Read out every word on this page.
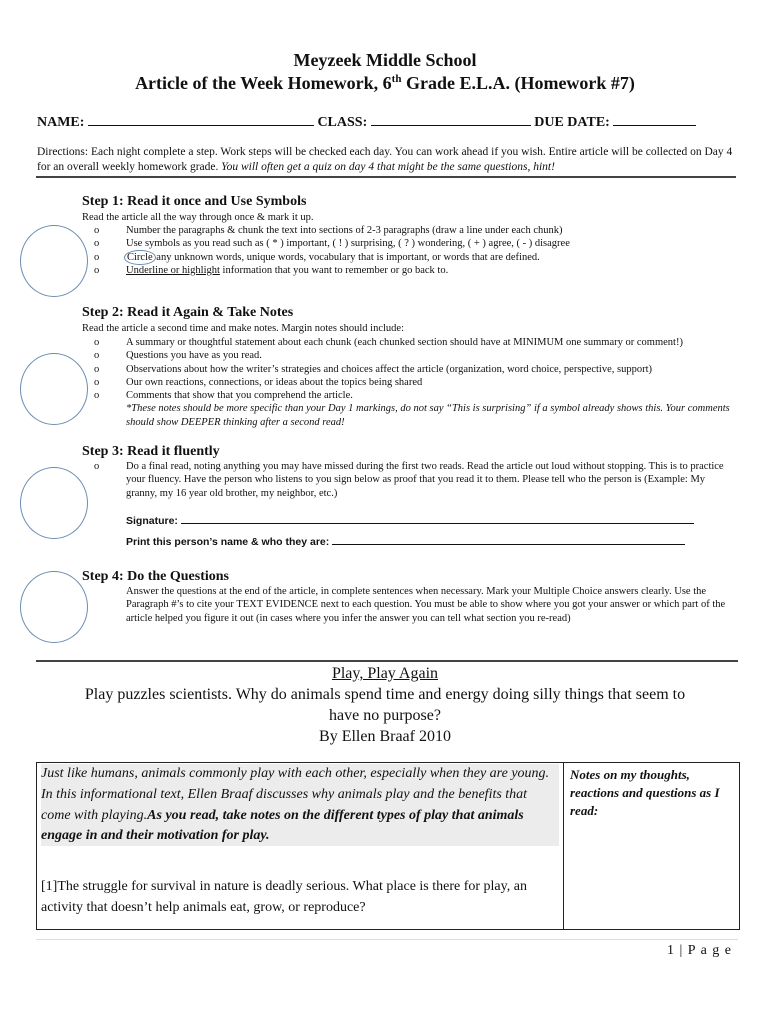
Meyzeek Middle School
Article of the Week Homework, 6th Grade E.L.A. (Homework #7)
NAME:	CLASS:	DUE DATE:
Directions: Each night complete a step. Work steps will be checked each day. You can work ahead if you wish. Entire article will be collected on Day 4 for an overall weekly homework grade. You will often get a quiz on day 4 that might be the same questions, hint!
Step 1: Read it once and Use Symbols
Read the article all the way through once & mark it up.
o Number the paragraphs & chunk the text into sections of 2-3 paragraphs (draw a line under each chunk)
o Use symbols as you read such as ( * ) important, ( ! ) surprising, ( ? ) wondering, ( + ) agree, ( - ) disagree
o Circle any unknown words, unique words, vocabulary that is important, or words that are defined.
o Underline or highlight information that you want to remember or go back to.
Step 2: Read it Again & Take Notes
Read the article a second time and make notes. Margin notes should include:
o A summary or thoughtful statement about each chunk (each chunked section should have at MINIMUM one summary or comment!)
o Questions you have as you read.
o Observations about how the writer’s strategies and choices affect the article (organization, word choice, perspective, support)
o Our own reactions, connections, or ideas about the topics being shared
o Comments that show that you comprehend the article.
*These notes should be more specific than your Day 1 markings, do not say “This is surprising” if a symbol already shows this. Your comments should show DEEPER thinking after a second read!
Step 3: Read it fluently
o Do a final read, noting anything you may have missed during the first two reads. Read the article out loud without stopping. This is to practice your fluency. Have the person who listens to you sign below as proof that you read it to them. Please tell who the person is (Example: My granny, my 16 year old brother, my neighbor, etc.)
Signature:
Print this person’s name & who they are:
Step 4: Do the Questions
Answer the questions at the end of the article, in complete sentences when necessary. Mark your Multiple Choice answers clearly. Use the Paragraph #’s to cite your TEXT EVIDENCE next to each question. You must be able to show where you got your answer or which part of the article helped you figure it out (in cases where you infer the answer you can tell what section you re-read)
Play, Play Again
Play puzzles scientists. Why do animals spend time and energy doing silly things that seem to
have no purpose?
By Ellen Braaf 2010
Just like humans, animals commonly play with each other, especially when they are young. In this informational text, Ellen Braaf discusses why animals play and the benefits that come with playing.As you read, take notes on the different types of play that animals engage in and their motivation for play.
Notes on my thoughts, reactions and questions as I read:
[1]The struggle for survival in nature is deadly serious. What place is there for play, an activity that doesn’t help animals eat, grow, or reproduce?
1 | P a g e
